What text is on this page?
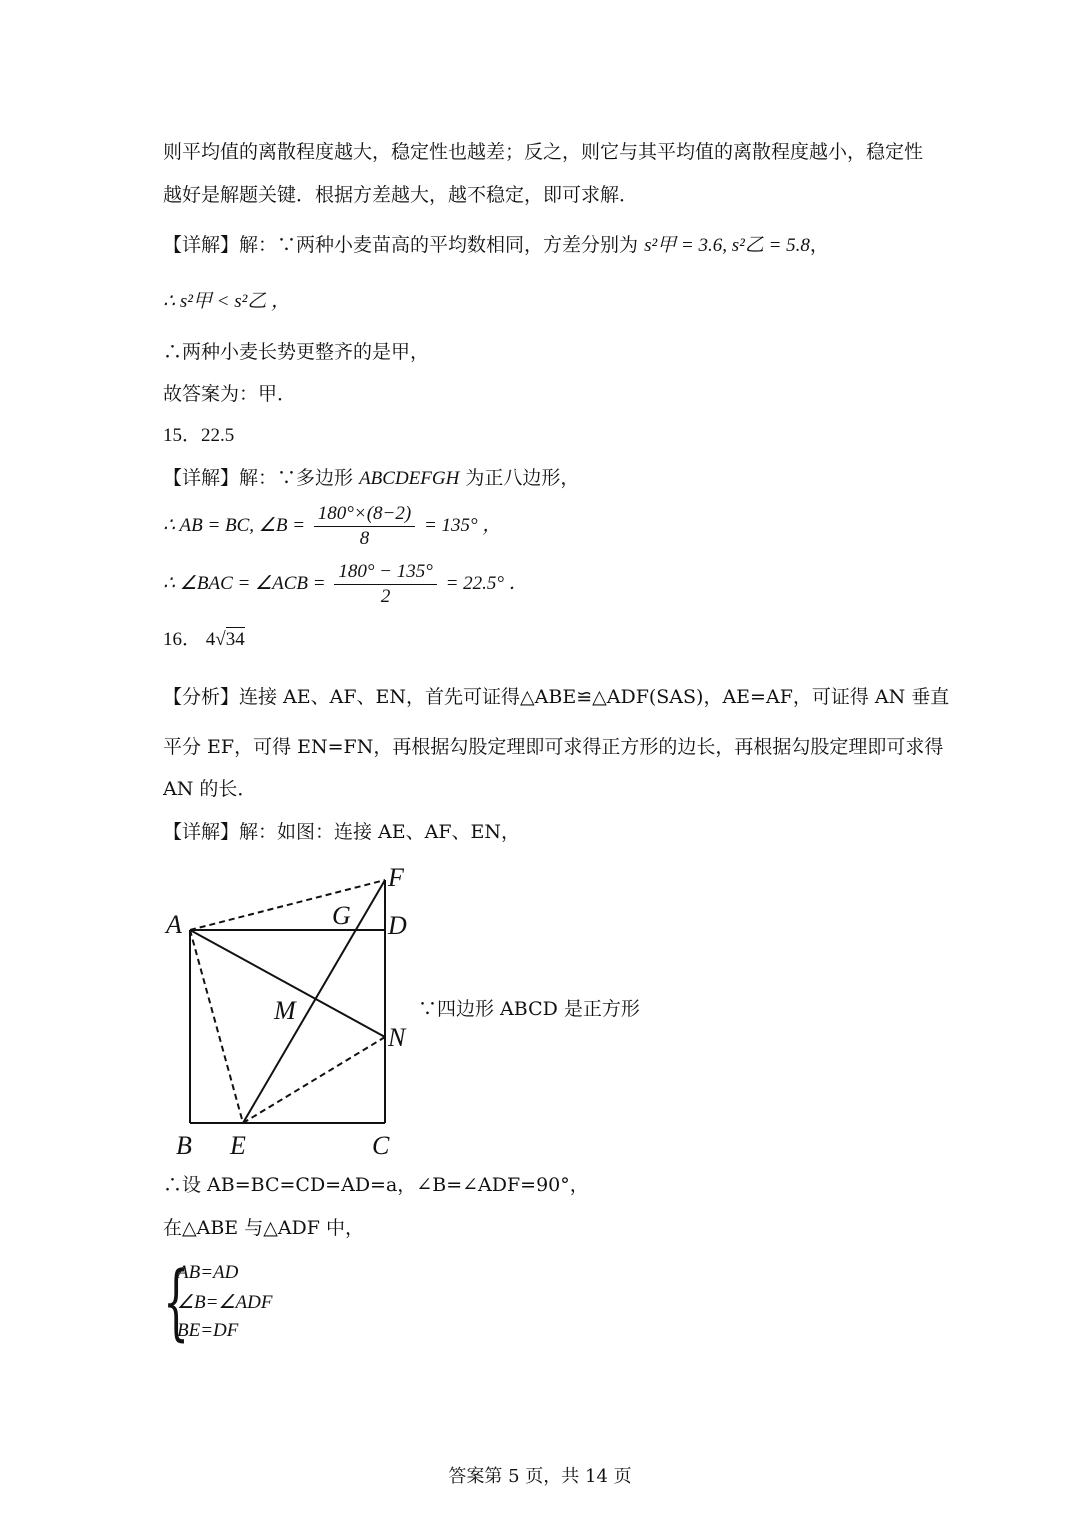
则平均值的离散程度越大，稳定性也越差；反之，则它与其平均值的离散程度越小，稳定性
越好是解题关键．根据方差越大，越不稳定，即可求解．
【详解】解：∵两种小麦苗高的平均数相同，方差分别为 s²甲 = 3.6, s²乙 = 5.8，
∴ s²甲 < s²乙 ，
∴两种小麦长势更整齐的是甲，
故答案为：甲．
15．22.5
【详解】解：∵多边形 ABCDEFGH 为正八边形，
∴ AB = BC, ∠B = $\frac{180^\circ\times(8-2)}{8} = 135^\circ$ ，
∴ ∠BAC = ∠ACB = $\frac{180^\circ - 135^\circ}{2} = 22.5^\circ$ ．
16． 4√34
【分析】连接 AE、AF、EN，首先可证得△ABE≌△ADF(SAS)，AE=AF，可证得 AN 垂直
平分 EF，可得 EN=FN，再根据勾股定理即可求得正方形的边长，再根据勾股定理即可求得
AN 的长．
【详解】解：如图：连接 AE、AF、EN，
A	D
F
G
M
N
B E	C
∵四边形 ABCD 是正方形
∴设 AB=BC=CD=AD=a，∠B=∠ADF=90°，
在△ABE 与△ADF 中，
{
AB=AD
∠B=∠ADF
BE=DF
答案第 5 页，共 14 页
